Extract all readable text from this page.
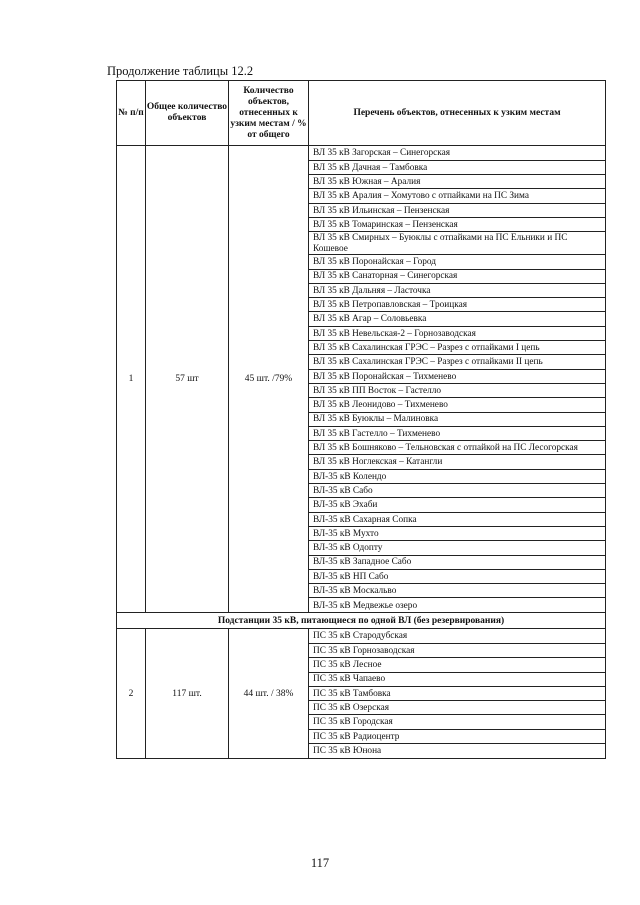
Продолжение таблицы 12.2
№ п/п	Общее количество объектов	Количество объектов, отнесенных к узким местам / % от общего	Перечень объектов, отнесенных к узким местам
1	57 шт	45 шт. /79%	
ВЛ 35 кВ Загорская – Синегорская
ВЛ 35 кВ Дачная – Тамбовка
ВЛ 35 кВ Южная – Аралия
ВЛ 35 кВ Аралия – Хомутово с отпайками на ПС Зима
ВЛ 35 кВ Ильинская – Пензенская
ВЛ 35 кВ Томаринская – Пензенская
ВЛ 35 кВ Смирных – Буюклы с отпайками на ПС Ельники и ПС Кошевое
ВЛ 35 кВ Поронайская – Город
ВЛ 35 кВ Санаторная – Синегорская
ВЛ 35 кВ Дальняя – Ласточка
ВЛ 35 кВ Петропавловская – Троицкая
ВЛ 35 кВ Агар – Соловьевка
ВЛ 35 кВ Невельская-2 – Горнозаводская
ВЛ 35 кВ Сахалинская ГРЭС – Разрез с отпайками I цепь
ВЛ 35 кВ Сахалинская ГРЭС – Разрез с отпайками II цепь
ВЛ 35 кВ Поронайская – Тихменево
ВЛ 35 кВ ПП Восток – Гастелло
ВЛ 35 кВ Леонидово – Тихменево
ВЛ 35 кВ Буюклы – Малиновка
ВЛ 35 кВ Гастелло – Тихменево
ВЛ 35 кВ Бошняково – Тельновская с отпайкой на ПС Лесогорская
ВЛ 35 кВ Ноглекская – Катангли
ВЛ-35 кВ Колендо
ВЛ-35 кВ Сабо
ВЛ-35 кВ Эхаби
ВЛ-35 кВ Сахарная Сопка
ВЛ-35 кВ Мухто
ВЛ-35 кВ Одопту
ВЛ-35 кВ Западное Сабо
ВЛ-35 кВ НП Сабо
ВЛ-35 кВ Москальво
ВЛ-35 кВ Медвежье озеро

Подстанции 35 кВ, питающиеся по одной ВЛ (без резервирования)
2	117 шт.	44 шт. / 38%	
ПС 35 кВ Стародубская
ПС 35 кВ Горнозаводская
ПС 35 кВ Лесное
ПС 35 кВ Чапаево
ПС 35 кВ Тамбовка
ПС 35 кВ Озерская
ПС 35 кВ Городская
ПС 35 кВ Радиоцентр
ПС 35 кВ Юнона
117
